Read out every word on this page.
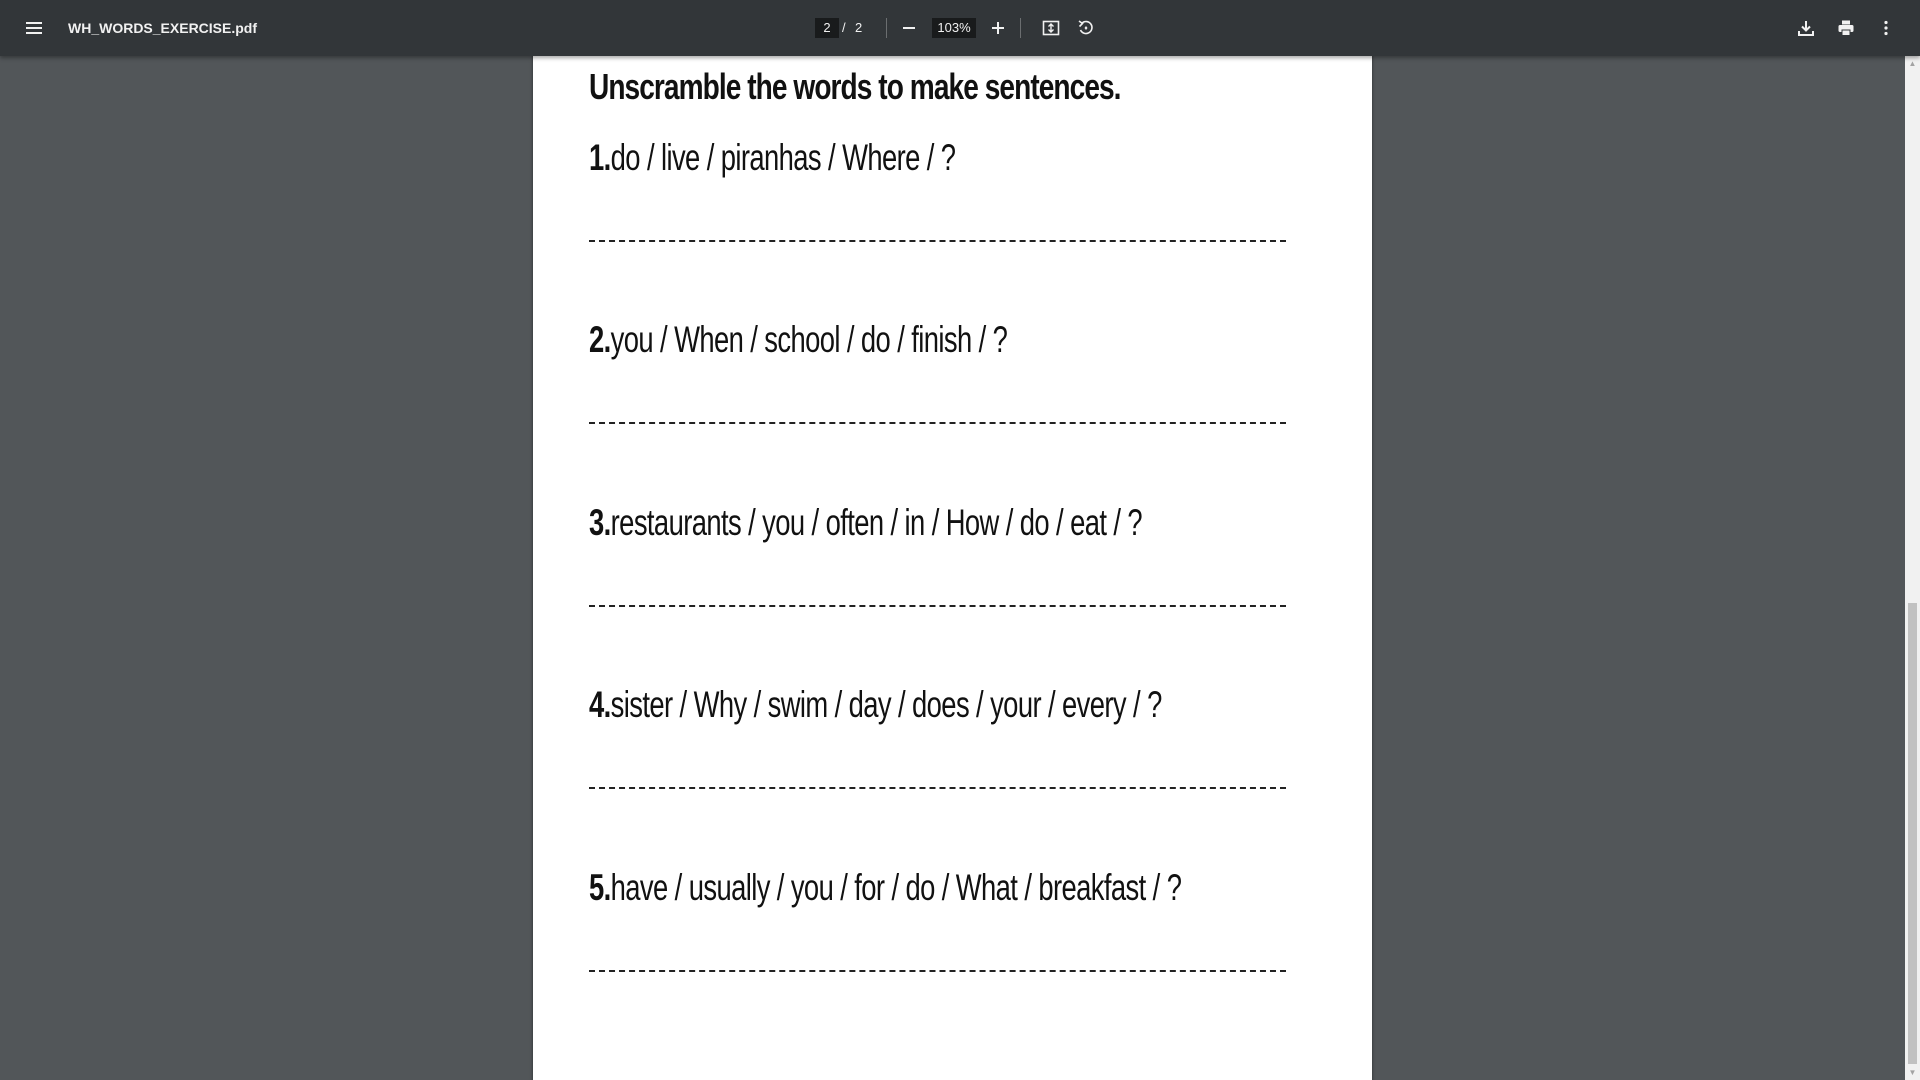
WH_WORDS_EXERCISE.pdf
2	/ 2
103%
Unscramble the words to make sentences.
1.do / live / piranhas / Where / ?
2.you / When / school / do / finish / ?
3.restaurants / you / often / in / How / do / eat / ?
4.sister / Why / swim / day / does / your / every / ?
5.have / usually / you / for / do / What / breakfast / ?
▲
▼
